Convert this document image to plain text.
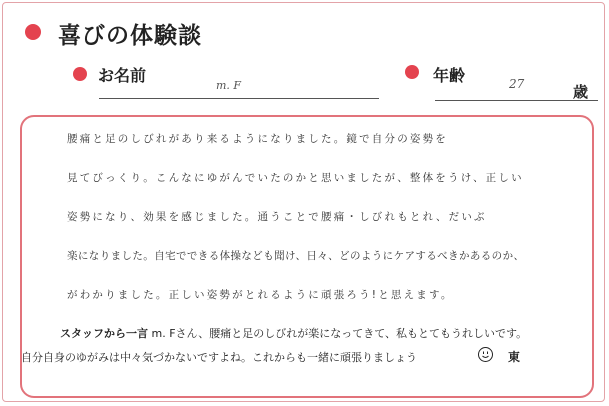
喜びの体験談
お名前
m. F
年齢	27	歳
腰痛と足のしびれがあり来るようになりました。鏡で自分の姿勢を
見てびっくり。こんなにゆがんでいたのかと思いましたが、整体をうけ、正しい
姿勢になり、効果を感じました。通うことで腰痛・しびれもとれ、だいぶ
楽になりました。自宅でできる体操なども聞け、日々、どのようにケアするべきかあるのか、
がわかりました。正しい姿勢がとれるように頑張ろう!と思えます。
スタッフから一言 m. Fさん、腰痛と足のしびれが楽になってきて、私もとてもうれしいです。
自分自身のゆがみは中々気づかないですよね。これからも一緒に頑張りましょう	東
